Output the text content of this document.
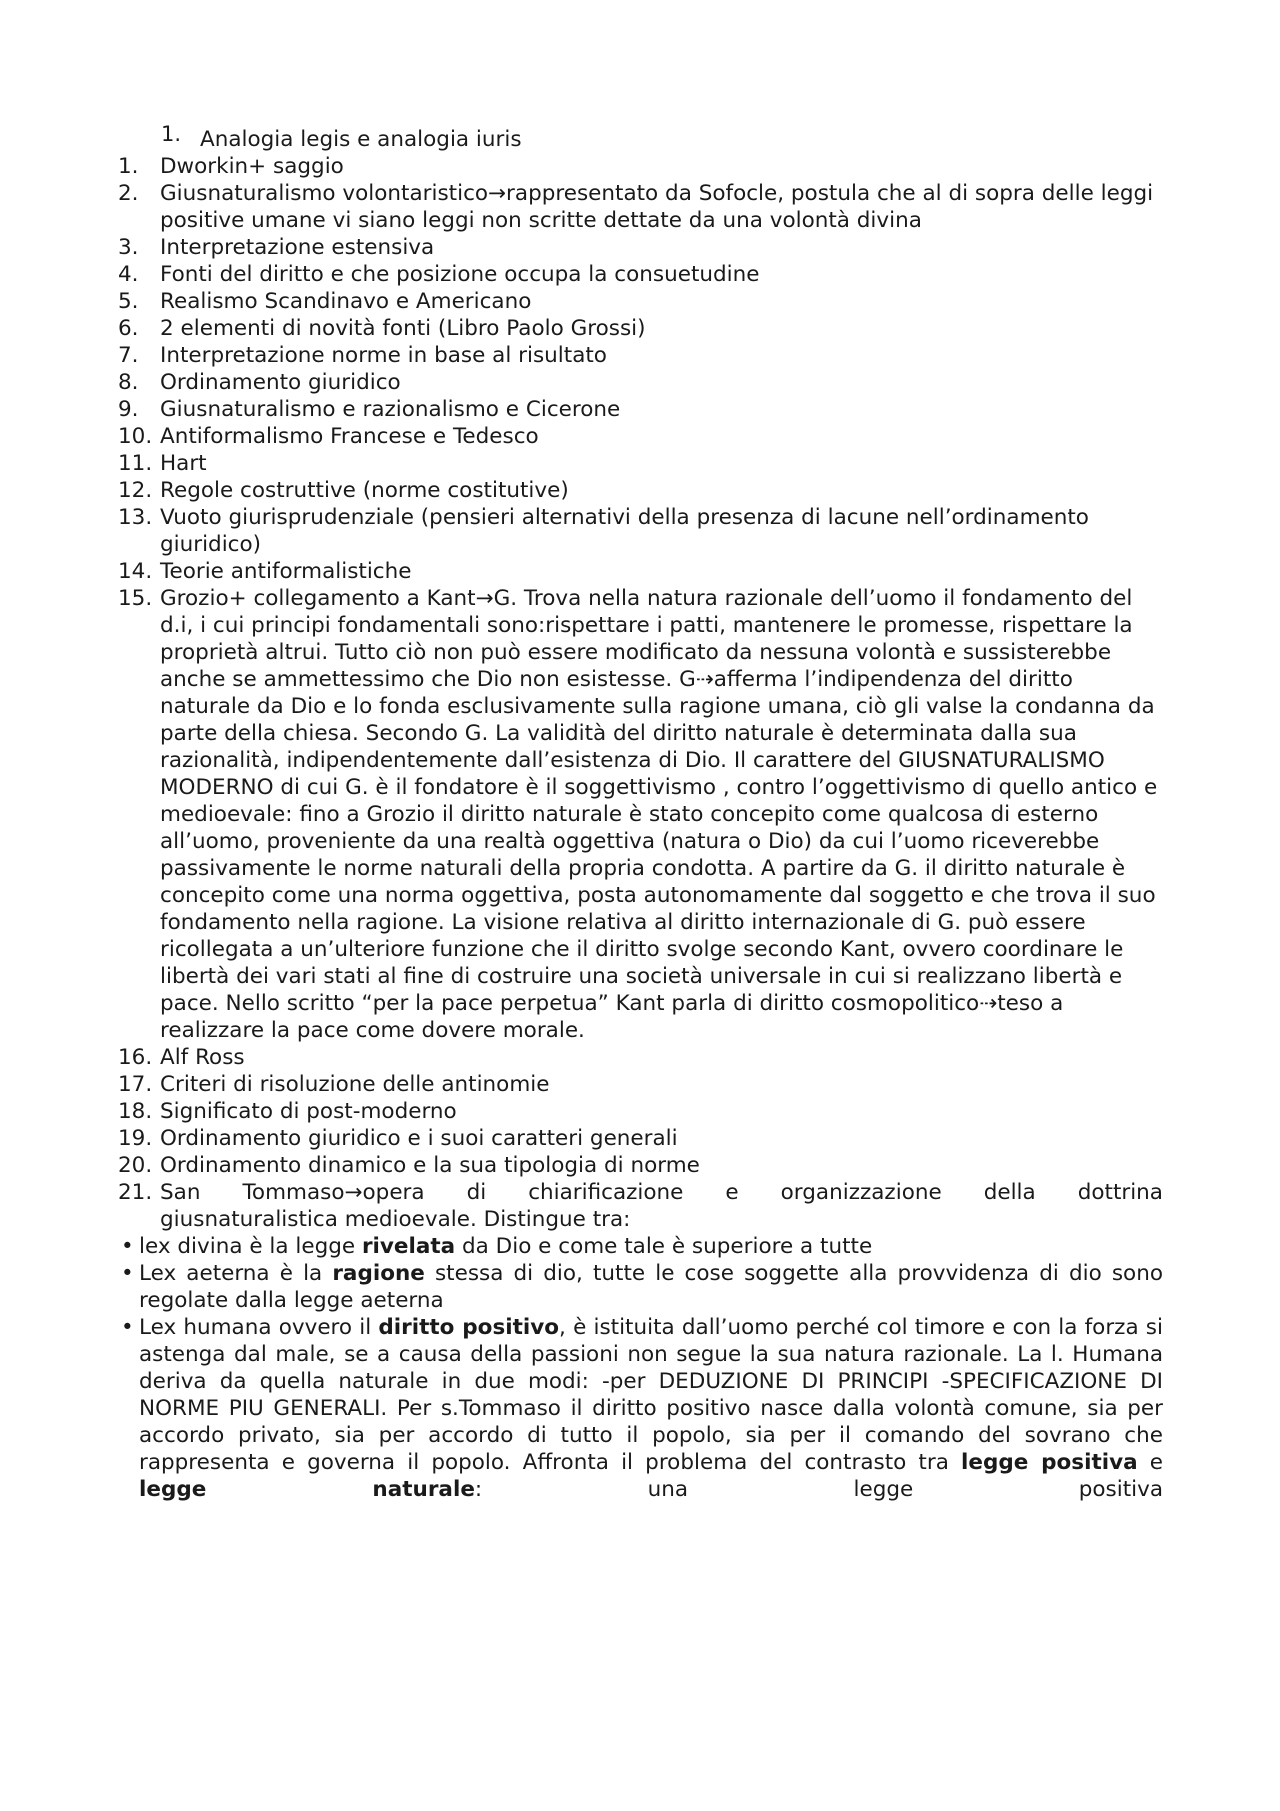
1. Analogia legis e analogia iuris
1. Dworkin+ saggio
2. Giusnaturalismo volontaristico→rappresentato da Sofocle, postula che al di sopra delle leggi positive umane vi siano leggi non scritte dettate da una volontà divina
3. Interpretazione estensiva
4. Fonti del diritto e che posizione occupa la consuetudine
5. Realismo Scandinavo e Americano
6. 2 elementi di novità fonti (Libro Paolo Grossi)
7. Interpretazione norme in base al risultato
8. Ordinamento giuridico
9. Giusnaturalismo e razionalismo e Cicerone
10. Antiformalismo Francese e Tedesco
11. Hart
12. Regole costruttive (norme costitutive)
13. Vuoto giurisprudenziale (pensieri alternativi della presenza di lacune nell’ordinamento giuridico)
14. Teorie antiformalistiche
15. Grozio+ collegamento a Kant→G. Trova nella natura razionale dell’uomo il fondamento del d.i, i cui principi fondamentali sono:rispettare i patti, mantenere le promesse, rispettare la proprietà altrui. Tutto ciò non può essere modificato da nessuna volontà e sussisterebbe anche se ammettessimo che Dio non esistesse. G⇢afferma l’indipendenza del diritto naturale da Dio e lo fonda esclusivamente sulla ragione umana, ciò gli valse la condanna da parte della chiesa. Secondo G. La validità del diritto naturale è determinata dalla sua razionalità, indipendentemente dall’esistenza di Dio. Il carattere del GIUSNATURALISMO MODERNO di cui G. è il fondatore è il soggettivismo , contro l’oggettivismo di quello antico e medioevale: fino a Grozio il diritto naturale è stato concepito come qualcosa di esterno all’uomo, proveniente da una realtà oggettiva (natura o Dio) da cui l’uomo riceverebbe passivamente le norme naturali della propria condotta. A partire da G. il diritto naturale è concepito come una norma oggettiva, posta autonomamente dal soggetto e che trova il suo fondamento nella ragione. La visione relativa al diritto internazionale di G. può essere ricollegata a un’ulteriore funzione che il diritto svolge secondo Kant, ovvero coordinare le libertà dei vari stati al fine di costruire una società universale in cui si realizzano libertà e pace. Nello scritto “per la pace perpetua” Kant parla di diritto cosmopolitico⇢teso a realizzare la pace come dovere morale.
16. Alf Ross
17. Criteri di risoluzione delle antinomie
18. Significato di post-moderno
19. Ordinamento giuridico e i suoi caratteri generali
20. Ordinamento dinamico e la sua tipologia di norme
21. San Tommaso→opera di chiarificazione e organizzazione della dottrina
giusnaturalistica medioevale. Distingue tra:
• lex divina è la legge rivelata da Dio e come tale è superiore a tutte
• Lex aeterna è la ragione stessa di dio, tutte le cose soggette alla provvidenza di dio sono regolate dalla legge aeterna
• Lex humana ovvero il diritto positivo, è istituita dall’uomo perché col timore e con la forza si astenga dal male, se a causa della passioni non segue la sua natura razionale. La l. Humana deriva da quella naturale in due modi: -per DEDUZIONE DI PRINCIPI -SPECIFICAZIONE DI NORME PIU GENERALI. Per s.Tommaso il diritto positivo nasce dalla volontà comune, sia per accordo privato, sia per accordo di tutto il popolo, sia per il comando del sovrano che rappresenta e governa il popolo. Affronta il problema del contrasto tra legge positiva e legge naturale: una legge positiva
